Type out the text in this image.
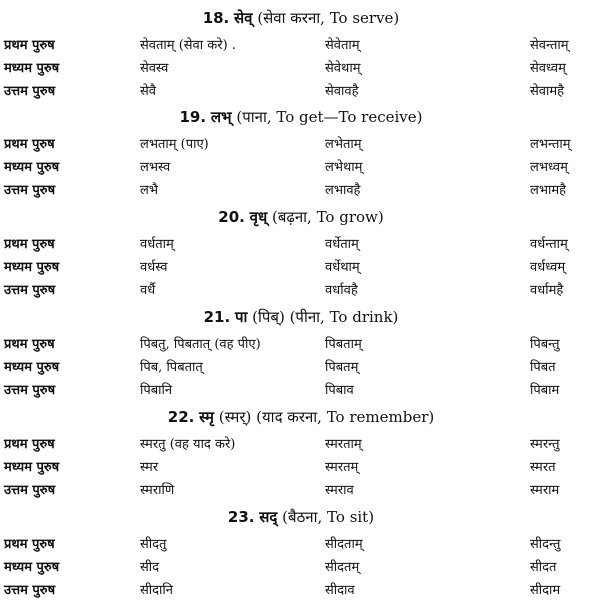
18. सेव् (सेवा करना, To serve)
प्रथम पुरुष	सेवताम् (सेवा करे) .	सेवेताम्	सेवन्ताम्
मध्यम पुरुष	सेवस्व	सेवेथाम्	सेवध्वम्
उत्तम पुरुष	सेवै	सेवावहै	सेवामहै
19. लभ् (पाना, To get—To receive)
प्रथम पुरुष	लभताम् (पाए)	लभेताम्	लभन्ताम्
मध्यम पुरुष	लभस्व	लभेथाम्	लभध्वम्
उत्तम पुरुष	लभै	लभावहै	लभामहै
20. वृध् (बढ़ना, To grow)
प्रथम पुरुष	वर्धताम्	वर्धेताम्	वर्धन्ताम्
मध्यम पुरुष	वर्धस्व	वर्धेथाम्	वर्धध्वम्
उत्तम पुरुष	वर्धै	वर्धावहै	वर्धामहै
21. पा (पिब्) (पीना, To drink)
प्रथम पुरुष	पिबतु, पिबतात् (वह पीए)	पिबताम्	पिबन्तु
मध्यम पुरुष	पिब, पिबतात्	पिबतम्	पिबत
उत्तम पुरुष	पिबानि	पिबाव	पिबाम
22. स्मृ (स्मर्) (याद करना, To remember)
प्रथम पुरुष	स्मरतु (वह याद करे)	स्मरताम्	स्मरन्तु
मध्यम पुरुष	स्मर	स्मरतम्	स्मरत
उत्तम पुरुष	स्मराणि	स्मराव	स्मराम
23. सद् (बैठना, To sit)
प्रथम पुरुष	सीदतु	सीदताम्	सीदन्तु
मध्यम पुरुष	सीद	सीदतम्	सीदत
उत्तम पुरुष	सीदानि	सीदाव	सीदाम
